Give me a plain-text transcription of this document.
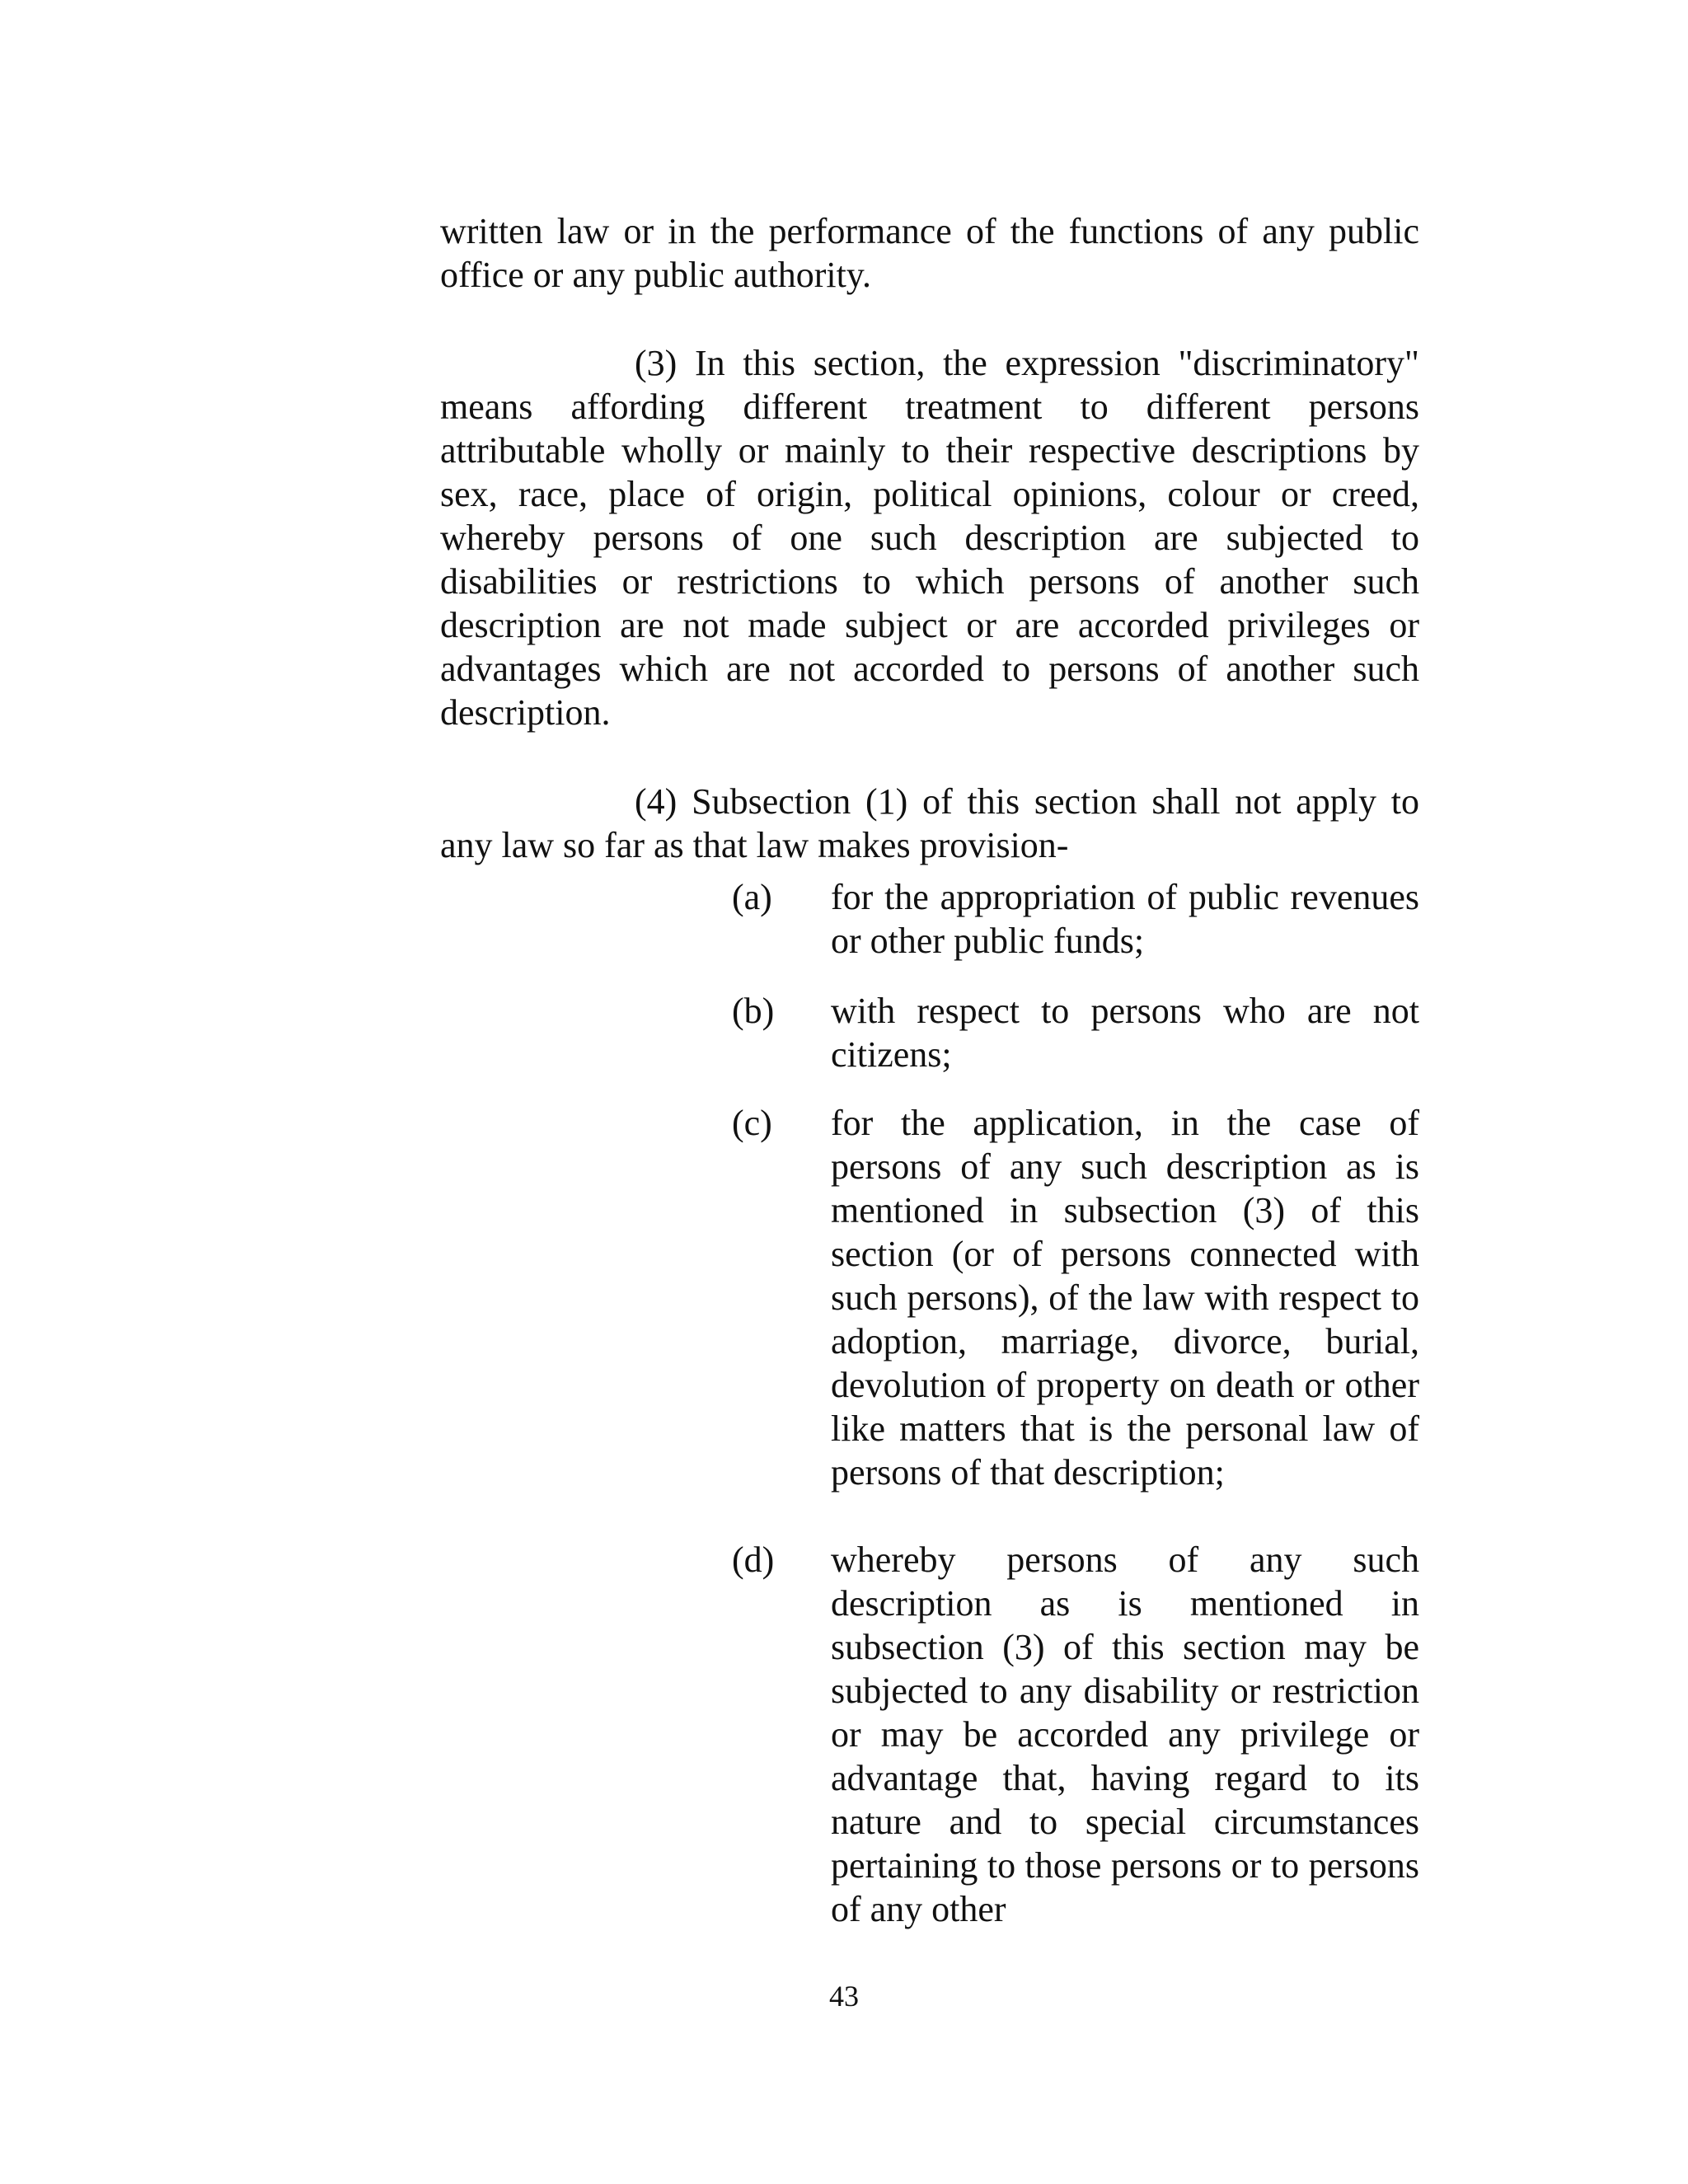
written law or in the performance of the functions of any public office or any public authority.

(3) In this section, the expression "discriminatory" means affording different treatment to different persons attributable wholly or mainly to their respective descriptions by sex, race, place of origin, political opinions, colour or creed, whereby persons of one such description are subjected to disabilities or restrictions to which persons of another such description are not made subject or are accorded privileges or advantages which are not accorded to persons of another such description.

(4) Subsection (1) of this section shall not apply to any law so far as that law makes provision-

(a)	for the appropriation of public revenues or other public funds;
(b)	with respect to persons who are not citizens;
(c)	for the application, in the case of persons of any such description as is mentioned in subsection (3) of this section (or of persons connected with such persons), of the law with respect to adoption, marriage, divorce, burial, devolution of property on death or other like matters that is the personal law of persons of that description;
(d)	whereby persons of any such description as is mentioned in subsection (3) of this section may be subjected to any disability or restriction or may be accorded any privilege or advantage that, having regard to its nature and to special circumstances pertaining to those persons or to persons of any other
43
